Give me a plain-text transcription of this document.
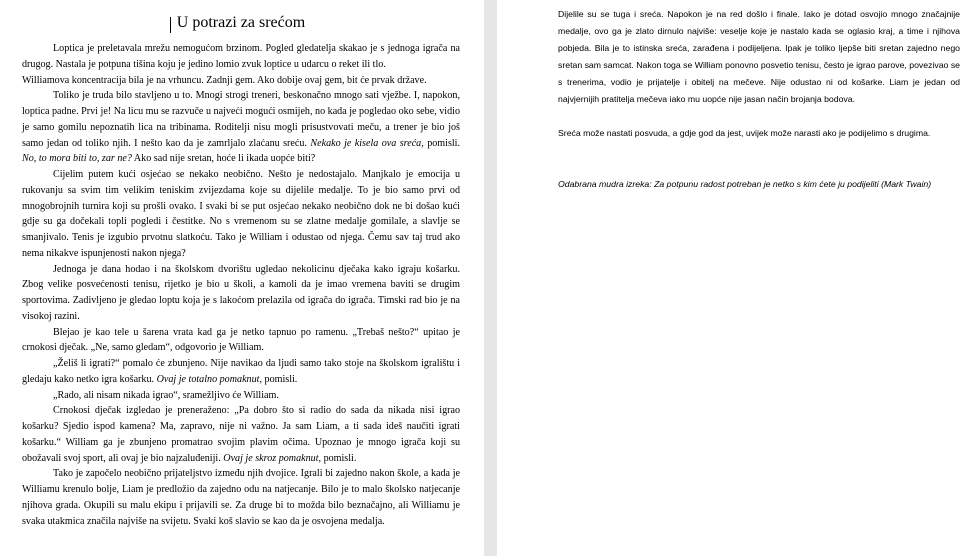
U potrazi za srećom

Loptica je preletavala mrežu nemogućom brzinom. Pogled gledatelja skakao je s jednoga igrača na drugog. Nastala je potpuna tišina koju je jedino lomio zvuk loptice u udarcu o reket ili tlo.

Williamova koncentracija bila je na vrhuncu. Zadnji gem. Ako dobije ovaj gem, bit će prvak države.

Toliko je truda bilo stavljeno u to. Mnogi strogi treneri, beskonačno mnogo sati vježbe. I, napokon, loptica padne. Prvi je! Na licu mu se razvuče u najveći mogući osmijeh, no kada je pogledao oko sebe, vidio je samo gomilu nepoznatih lica na tribinama. Roditelji nisu mogli prisustvovati meču, a trener je bio još samo jedan od toliko njih. I nešto kao da je zamrljalo zlaćanu sreću. Nekako je kisela ova sreća, pomisli. No, to mora biti to, zar ne? Ako sad nije sretan, hoće li ikada uopće biti?

Cijelim putem kući osjećao se nekako neobično. Nešto je nedostajalo. Manjkalo je emocija u rukovanju sa svim tim velikim teniskim zvijezdama koje su dijelile medalje. To je bio samo prvi od mnogobrojnih turnira koji su prošli ovako. I svaki bi se put osjećao nekako neobično dok ne bi došao kući gdje su ga dočekali topli pogledi i čestitke. No s vremenom su se zlatne medalje gomilale, a slavlje se smanjivalo. Tenis je izgubio prvotnu slatkoću. Tako je William i odustao od njega. Čemu sav taj trud ako nema nikakve ispunjenosti nakon njega?

Jednoga je dana hodao i na školskom dvorištu ugledao nekolicinu dječaka kako igraju košarku. Zbog velike posvećenosti tenisu, rijetko je bio u školi, a kamoli da je imao vremena baviti se drugim sportovima. Zadivljeno je gledao loptu koja je s lakoćom prelazila od igrača do igrača. Timski rad bio je na visokoj razini.

Blejao je kao tele u šarena vrata kad ga je netko tapnuo po ramenu. „Trebaš nešto?“ upitao je crnokosi dječak. „Ne, samo gledam“, odgovorio je William.

„Želiš li igrati?“ pomalo će zbunjeno. Nije navikao da ljudi samo tako stoje na školskom igralištu i gledaju kako netko igra košarku. Ovaj je totalno pomaknut, pomisli.

„Rado, ali nisam nikada igrao“, sramežljivo će William.

Crnokosi dječak izgledao je preneraženo: „Pa dobro što si radio do sada da nikada nisi igrao košarku? Sjedio ispod kamena? Ma, zapravo, nije ni važno. Ja sam Liam, a ti sada ideš naučiti igrati košarku.“ William ga je zbunjeno promatrao svojim plavim očima. Upoznao je mnogo igrača koji su obožavali svoj sport, ali ovaj je bio najzaluđeniji. Ovaj je skroz pomaknut, pomisli.

Tako je započelo neobično prijateljstvo između njih dvojice. Igrali bi zajedno nakon škole, a kada je Williamu krenulo bolje, Liam je predložio da zajedno odu na natjecanje. Bilo je to malo školsko natjecanje njihova grada. Okupili su malu ekipu i prijavili se. Za druge bi to možda bilo beznačajno, ali Williamu je svaka utakmica značila najviše na svijetu. Svaki koš slavio se kao da je osvojena medalja.

Dijelile su se tuga i sreća. Napokon je na red došlo i finale. Iako je dotad osvojio mnogo značajnije medalje, ovo ga je zlato dirnulo najviše: veselje koje je nastalo kada se oglasio kraj, a time i njihova pobjeda. Bila je to istinska sreća, zarađena i podijeljena. Ipak je toliko ljepše biti sretan zajedno nego sretan sam samcat. Nakon toga se William ponovno posvetio tenisu, često je igrao parove, povezivao se s trenerima, vodio je prijatelje i obitelj na mečeve. Nije odustao ni od košarke. Liam je jedan od najvjernijih pratitelja mečeva iako mu uopće nije jasan način brojanja bodova.

Sreća može nastati posvuda, a gdje god da jest, uvijek može narasti ako je podijelimo s drugima.

Odabrana mudra izreka: Za potpunu radost potreban je netko s kim ćete ju podijeliti (Mark Twain)
